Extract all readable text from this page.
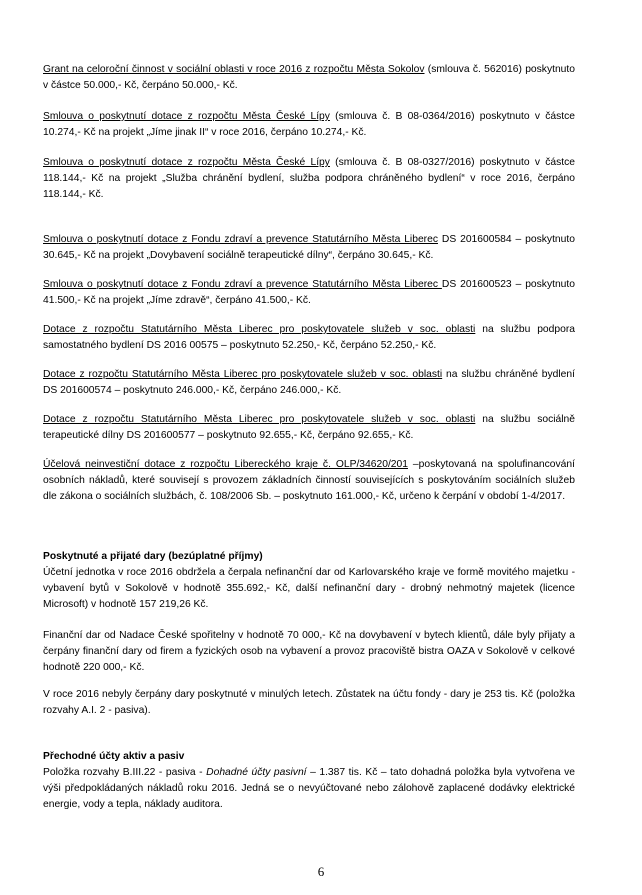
Grant na celoroční činnost v sociální oblasti v roce 2016 z rozpočtu Města Sokolov (smlouva č. 562016) poskytnuto v částce 50.000,- Kč, čerpáno 50.000,- Kč.

Smlouva o poskytnutí dotace z rozpočtu Města České Lípy (smlouva č. B 08-0364/2016) poskytnuto v částce 10.274,- Kč na projekt „Jíme jinak II“ v roce 2016, čerpáno 10.274,- Kč.

Smlouva o poskytnutí dotace z rozpočtu Města České Lípy (smlouva č. B 08-0327/2016) poskytnuto v částce 118.144,- Kč na projekt „Služba chránění bydlení, služba podpora chráněného bydlení“ v roce 2016, čerpáno 118.144,- Kč.

Smlouva o poskytnutí dotace z Fondu zdraví a prevence Statutárního Města Liberec DS 201600584 – poskytnuto 30.645,- Kč na projekt „Dovybavení sociálně terapeutické dílny“, čerpáno 30.645,- Kč.

Smlouva o poskytnutí dotace z Fondu zdraví a prevence Statutárního Města Liberec DS 201600523 – poskytnuto 41.500,- Kč na projekt „Jíme zdravě“, čerpáno 41.500,- Kč.

Dotace z rozpočtu Statutárního Města Liberec pro poskytovatele služeb v soc. oblasti na službu podpora samostatného bydlení DS 2016 00575 – poskytnuto 52.250,- Kč, čerpáno 52.250,- Kč.

Dotace z rozpočtu Statutárního Města Liberec pro poskytovatele služeb v soc. oblasti na službu chráněné bydlení DS 201600574 – poskytnuto 246.000,- Kč, čerpáno 246.000,- Kč.

Dotace z rozpočtu Statutárního Města Liberec pro poskytovatele služeb v soc. oblasti na službu sociálně terapeutické dílny DS 201600577 – poskytnuto 92.655,- Kč, čerpáno 92.655,- Kč.

Účelová neinvestiční dotace z rozpočtu Libereckého kraje č. OLP/34620/201 –poskytovaná na spolufinancování osobních nákladů, které souvisejí s provozem základních činností souvisejících s poskytováním sociálních služeb dle zákona o sociálních službách, č. 108/2006 Sb. – poskytnuto 161.000,- Kč, určeno k čerpání v období 1-4/2017.

Poskytnuté a přijaté dary (bezúplatné příjmy)

Účetní jednotka v roce 2016 obdržela a čerpala nefinanční dar od Karlovarského kraje ve formě movitého majetku - vybavení bytů v Sokolově v hodnotě 355.692,- Kč, další nefinanční dary - drobný nehmotný majetek (licence Microsoft) v hodnotě 157 219,26 Kč.

Finanční dar od Nadace České spořitelny v hodnotě 70 000,- Kč na dovybavení v bytech klientů, dále byly přijaty a čerpány finanční dary od firem a fyzických osob na vybavení a provoz pracoviště bistra OAZA v Sokolově v celkové hodnotě 220 000,- Kč.

V roce 2016 nebyly čerpány dary poskytnuté v minulých letech. Zůstatek na účtu fondy - dary je 253 tis. Kč (položka rozvahy A.I. 2 - pasiva).

Přechodné účty aktiv a pasiv

Položka rozvahy B.III.22 - pasiva - Dohadné účty pasivní – 1.387 tis. Kč – tato dohadná položka byla vytvořena ve výši předpokládaných nákladů roku 2016. Jedná se o nevyúčtované nebo zálohově zaplacené dodávky elektrické energie, vody a tepla, náklady auditora.

6
